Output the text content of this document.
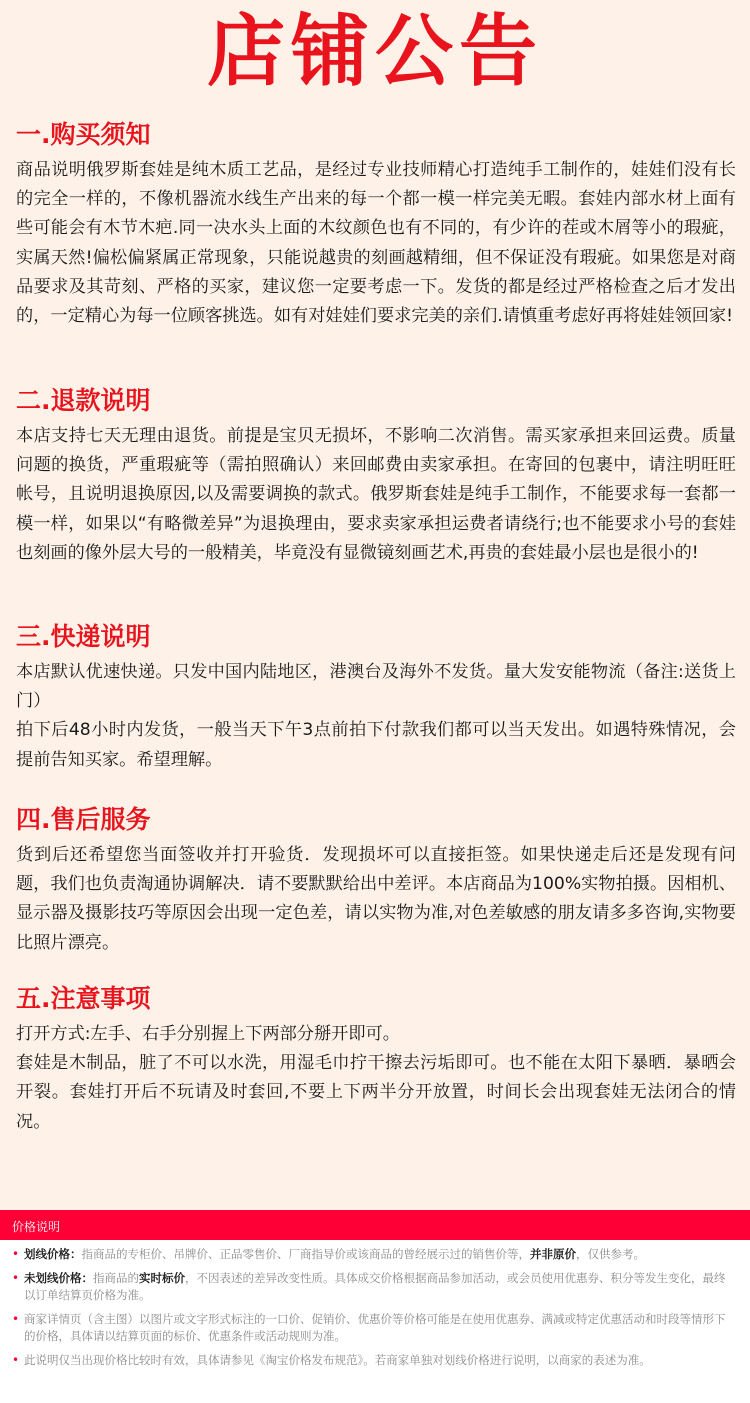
店铺公告
一.购买须知

商品说明俄罗斯套娃是纯木质工艺品，是经过专业技师精心打造纯手工制作的，娃娃们没有长的完全一样的，不像机器流水线生产出来的每一个都一模一样完美无暇。套娃内部水材上面有些可能会有木节木疤.同一决水头上面的木纹颜色也有不同的，有少许的茬或木屑等小的瑕疵，实属天然!偏松偏紧属正常现象，只能说越贵的刻画越精细，但不保证没有瑕疵。如果您是对商品要求及其苛刻、严格的买家，建议您一定要考虑一下。发货的都是经过严格检查之后才发出的，一定精心为每一位顾客挑选。如有对娃娃们要求完美的亲们.请慎重考虑好再将娃娃领回家!

二.退款说明

本店支持七天无理由退货。前提是宝贝无损坏，不影响二次消售。需买家承担来回运费。质量问题的换货，严重瑕疵等（需拍照确认）来回邮费由卖家承担。在寄回的包裹中，请注明旺旺帐号，且说明退换原因,以及需要调换的款式。俄罗斯套娃是纯手工制作，不能要求每一套都一模一样，如果以“有略微差异”为退换理由，要求卖家承担运费者请绕行;也不能要求小号的套娃也刻画的像外层大号的一般精美，毕竟没有显微镜刻画艺术,再贵的套娃最小层也是很小的!

三.快递说明

本店默认优速快递。只发中国内陆地区，港澳台及海外不发货。量大发安能物流（备注:送货上门）

拍下后48小时内发货，一般当天下午3点前拍下付款我们都可以当天发出。如遇特殊情况，会提前告知买家。希望理解。

四.售后服务

货到后还希望您当面签收并打开验货．发现损坏可以直接拒签。如果快递走后还是发现有问题，我们也负责淘通协调解决．请不要默默给出中差评。本店商品为100%实物拍摄。因相机、显示器及摄影技巧等原因会出现一定色差，请以实物为准,对色差敏感的朋友请多多咨询,实物要比照片漂亮。

五.注意事项

打开方式:左手、右手分别握上下两部分掰开即可。

套娃是木制品，脏了不可以水洗，用湿毛巾拧干擦去污垢即可。也不能在太阳下暴晒．暴晒会开裂。套娃打开后不玩请及时套回,不要上下两半分开放置，时间长会出现套娃无法闭合的情况。

价格说明
• 划线价格：指商品的专柜价、吊牌价、正品零售价、厂商指导价或该商品的曾经展示过的销售价等，并非原价，仅供参考。
• 未划线价格：指商品的实时标价，不因表述的差异改变性质。具体成交价格根据商品参加活动，或会员使用优惠券、积分等发生变化，最终以订单结算页价格为准。
• 商家详情页（含主图）以图片或文字形式标注的一口价、促销价、优惠价等价格可能是在使用优惠券、满减或特定优惠活动和时段等情形下的价格，具体请以结算页面的标价、优惠条件或活动规则为准。
• 此说明仅当出现价格比较时有效，具体请参见《淘宝价格发布规范》。若商家单独对划线价格进行说明，以商家的表述为准。
